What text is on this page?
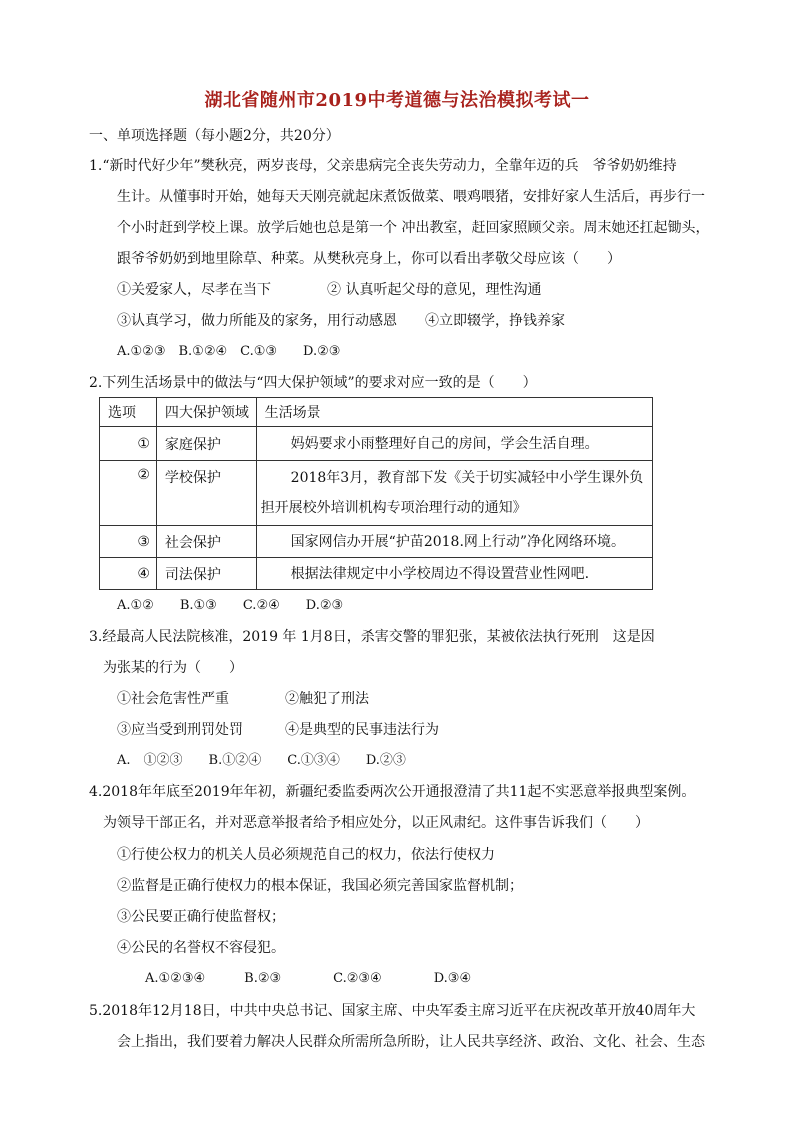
湖北省随州市2019中考道德与法治模拟考试一
一、单项选择题（每小题2分，共20分）
1.“新时代好少年”樊秋亮，两岁丧母，父亲患病完全丧失劳动力，全靠年迈的兵　爷爷奶奶维持
生计。从懂事时开始，她每天天刚亮就起床煮饭做菜、喂鸡喂猪，安排好家人生活后，再步行一
个小时赶到学校上课。放学后她也总是第一个 冲出教室，赶回家照顾父亲。周末她还扛起锄头，
跟爷爷奶奶到地里除草、种菜。从樊秋亮身上，你可以看出孝敬父母应该（　　）
①关爱家人，尽孝在当下　　　　② 认真听起父母的意见，理性沟通
③认真学习，做力所能及的家务，用行动感恩　　④立即辍学，挣钱养家
A.①②③　B.①②④　C.①③　　D.②③
2.下列生活场景中的做法与“四大保护领域”的要求对应一致的是（　　）
选项	四大保护领域	生活场景
①	家庭保护	妈妈要求小雨整理好自己的房间，学会生活自理。
②	学校保护	2018年3月，教育部下发《关于切实减轻中小学生课外负
担开展校外培训机构专项治理行动的通知》

③	社会保护	国家网信办开展“护苗2018.网上行动”净化网络环境。
④	司法保护	根据法律规定中小学校周边不得设置营业性网吧.
A.①②　　B.①③　　C.②④　　D.②③
3.经最高人民法院核准，2019 年 1月8日，杀害交警的罪犯张，某被依法执行死刑　这是因
为张某的行为（　　）
①社会危害性严重　　　　②触犯了刑法
③应当受到刑罚处罚　　　④是典型的民事违法行为
A.　①②③　　B.①②④　　C.①③④　　D.②③
4.2018年年底至2019年年初，新疆纪委监委两次公开通报澄清了共11起不实恶意举报典型案例。
为领导干部正名，并对恶意举报者给予相应处分，以正风肃纪。这件事告诉我们（　　）
①行使公权力的机关人员必须规范自己的权力，依法行使权力
②监督是正确行使权力的根本保证，我国必须完善国家监督机制；
③公民要正确行使监督权；
④公民的名誉权不容侵犯。
A.①②③④　　　B.②③　　　　C.②③④　　　　D.③④
5.2018年12月18日，中共中央总书记、国家主席、中央军委主席习近平在庆祝改革开放40周年大
会上指出，我们要着力解决人民群众所需所急所盼，让人民共享经济、政治、文化、社会、生态
